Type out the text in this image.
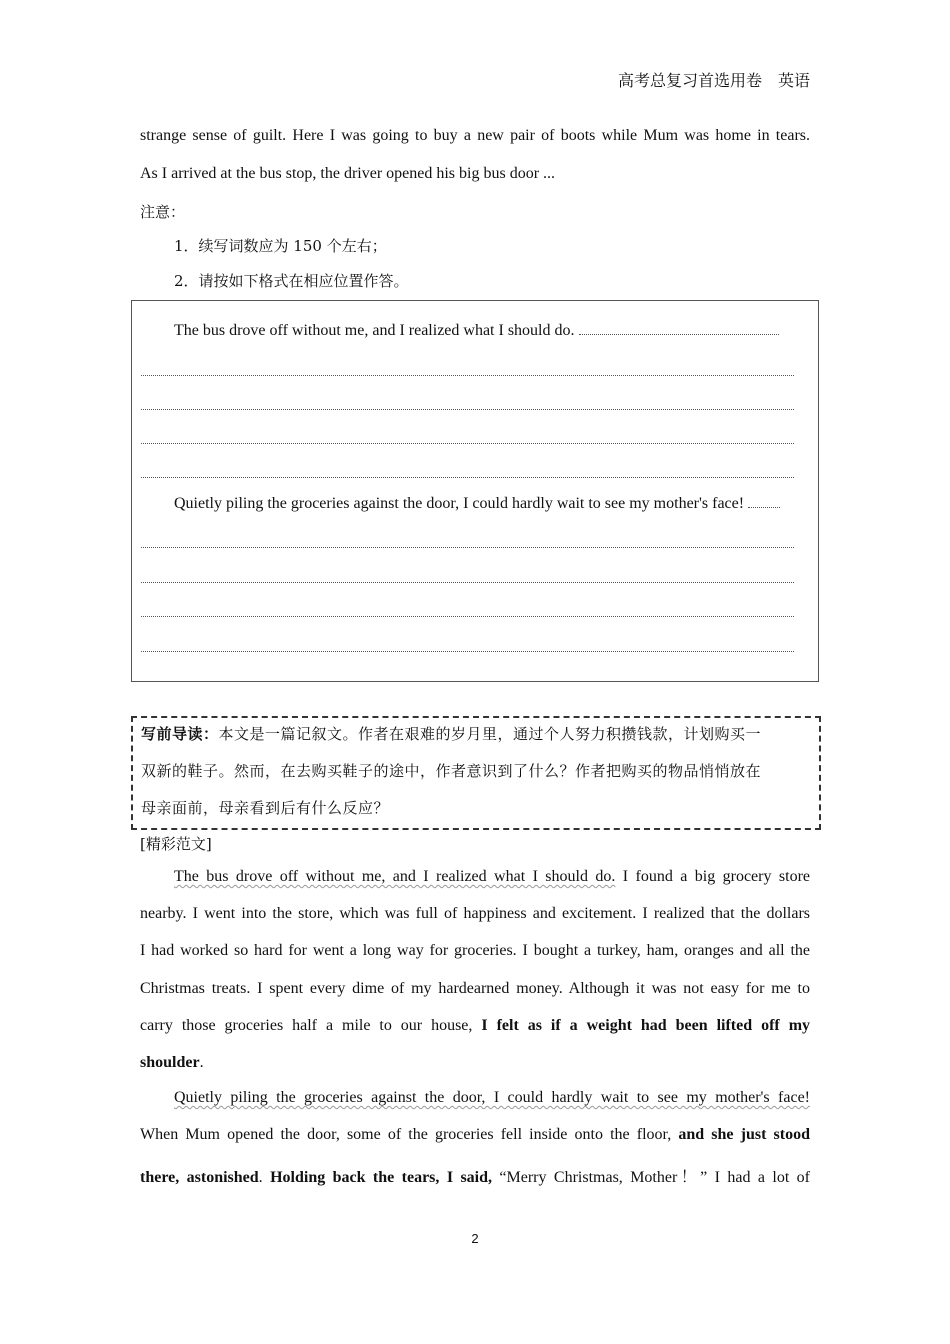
高考总复习首选用卷　英语
strange sense of guilt. Here I was going to buy a new pair of boots while Mum was home in tears.
As I arrived at the bus stop, the driver opened his big bus door ...
注意：
1．续写词数应为 150 个左右；
2．请按如下格式在相应位置作答。
The bus drove off without me, and I realized what I should do.
Quietly piling the groceries against the door, I could hardly wait to see my mother's face!
写前导读：本文是一篇记叙文。作者在艰难的岁月里，通过个人努力积攒钱款，计划购买一
双新的鞋子。然而，在去购买鞋子的途中，作者意识到了什么？作者把购买的物品悄悄放在
母亲面前，母亲看到后有什么反应？
[精彩范文]
The bus drove off without me, and I realized what I should do. I found a big grocery store
nearby. I went into the store, which was full of happiness and excitement. I realized that the dollars
I had worked so hard for went a long way for groceries. I bought a turkey, ham, oranges and all the
Christmas treats. I spent every dime of my hardearned money. Although it was not easy for me to
carry those groceries half a mile to our house, I felt as if a weight had been lifted off my
shoulder.
Quietly piling the groceries against the door, I could hardly wait to see my mother's face!
When Mum opened the door, some of the groceries fell inside onto the floor, and she just stood
there, astonished. Holding back the tears, I said, “Merry Christmas, Mother！” I had a lot of
2
